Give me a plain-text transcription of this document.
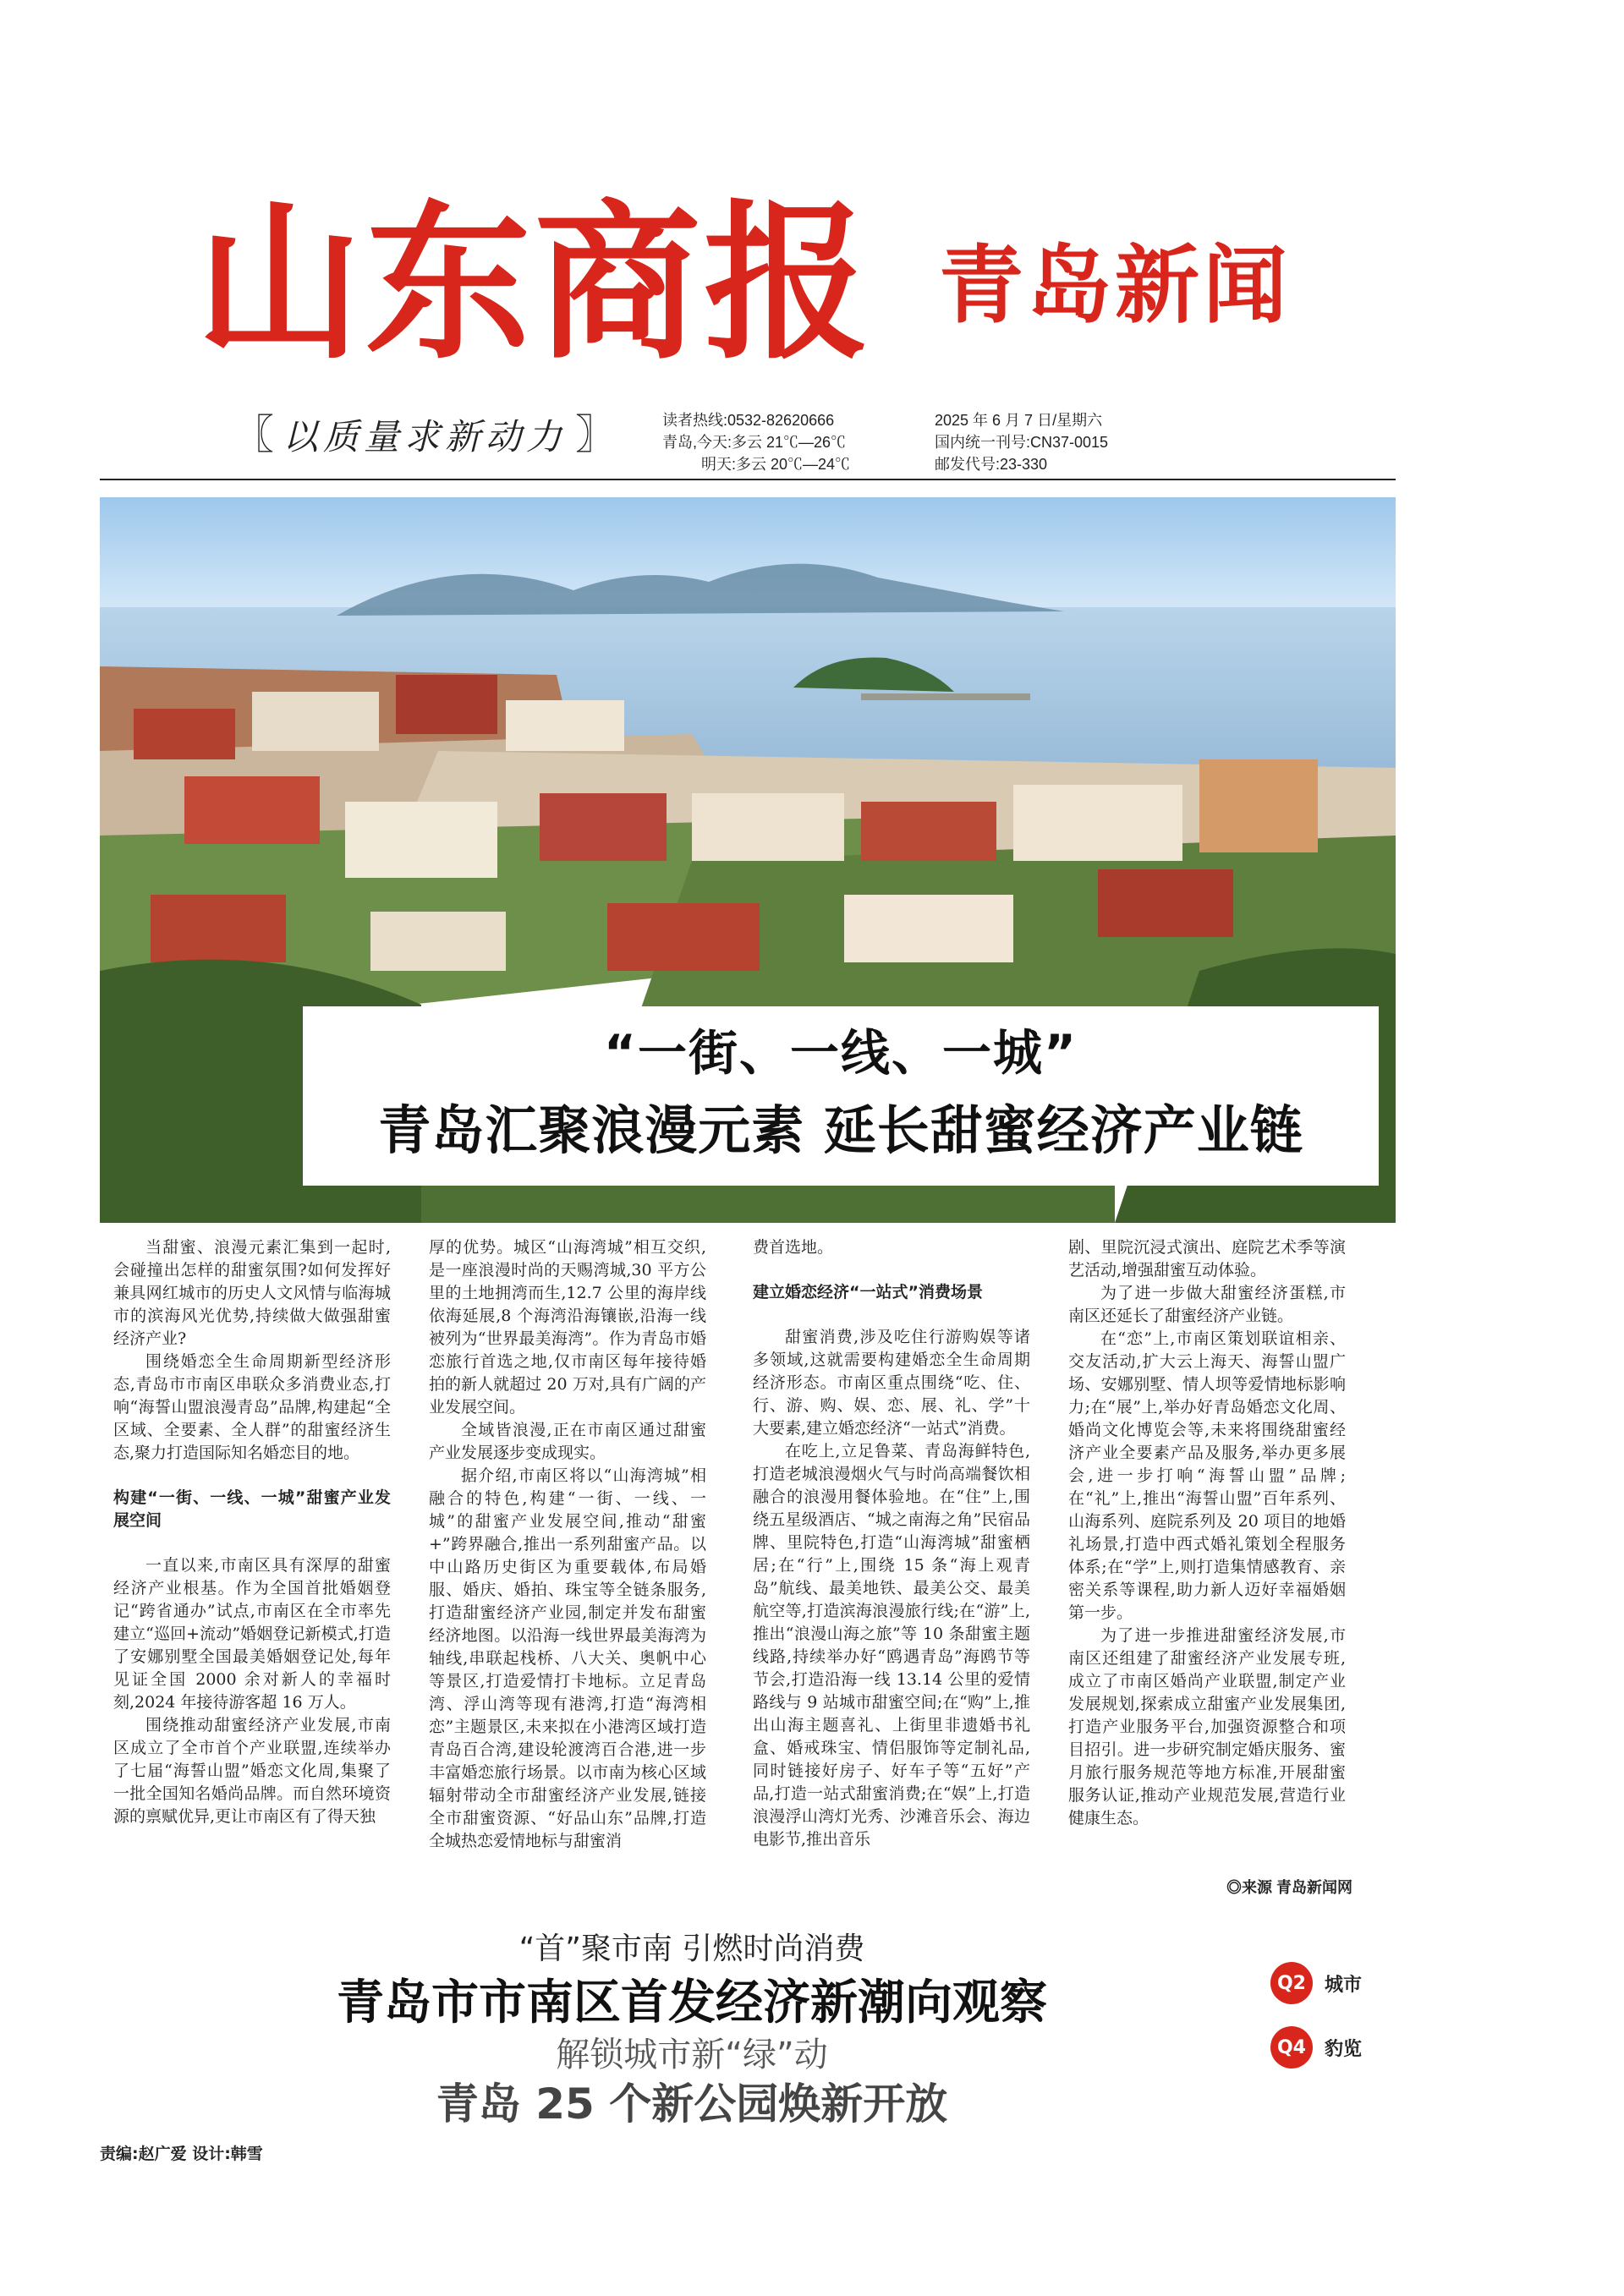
山东商报 青岛新闻
〖 以质量求新动力 〗	读者热线:0532-82620666
青岛,今天:多云 21℃—26℃
明天:多云 20℃—24℃
2025 年 6 月 7 日/星期六
国内统一刊号:CN37-0015
邮发代号:23-330
“一街、一线、一城”
青岛汇聚浪漫元素 延长甜蜜经济产业链

当甜蜜、浪漫元素汇集到一起时,会碰撞出怎样的甜蜜氛围?如何发挥好兼具网红城市的历史人文风情与临海城市的滨海风光优势,持续做大做强甜蜜经济产业?

围绕婚恋全生命周期新型经济形态,青岛市市南区串联众多消费业态,打响“海誓山盟浪漫青岛”品牌,构建起“全区域、全要素、全人群”的甜蜜经济生态,聚力打造国际知名婚恋目的地。

构建“一街、一线、一城”甜蜜产业发展空间

一直以来,市南区具有深厚的甜蜜经济产业根基。作为全国首批婚姻登记“跨省通办”试点,市南区在全市率先建立“巡回+流动”婚姻登记新模式,打造了安娜别墅全国最美婚姻登记处,每年见证全国 2000 余对新人的幸福时刻,2024 年接待游客超 16 万人。

围绕推动甜蜜经济产业发展,市南区成立了全市首个产业联盟,连续举办了七届“海誓山盟”婚恋文化周,集聚了一批全国知名婚尚品牌。而自然环境资源的禀赋优异,更让市南区有了得天独

厚的优势。城区“山海湾城”相互交织,是一座浪漫时尚的天赐湾城,30 平方公里的土地拥湾而生,12.7 公里的海岸线依海延展,8 个海湾沿海镶嵌,沿海一线被列为“世界最美海湾”。作为青岛市婚恋旅行首选之地,仅市南区每年接待婚拍的新人就超过 20 万对,具有广阔的产业发展空间。

全域皆浪漫,正在市南区通过甜蜜产业发展逐步变成现实。

据介绍,市南区将以“山海湾城”相融合的特色,构建“一街、一线、一城”的甜蜜产业发展空间,推动“甜蜜+”跨界融合,推出一系列甜蜜产品。以中山路历史街区为重要载体,布局婚服、婚庆、婚拍、珠宝等全链条服务,打造甜蜜经济产业园,制定并发布甜蜜经济地图。以沿海一线世界最美海湾为轴线,串联起栈桥、八大关、奥帆中心等景区,打造爱情打卡地标。立足青岛湾、浮山湾等现有港湾,打造“海湾相恋”主题景区,未来拟在小港湾区域打造青岛百合湾,建设轮渡湾百合港,进一步丰富婚恋旅行场景。以市南为核心区域辐射带动全市甜蜜经济产业发展,链接全市甜蜜资源、“好品山东”品牌,打造全城热恋爱情地标与甜蜜消

费首选地。

建立婚恋经济“一站式”消费场景

甜蜜消费,涉及吃住行游购娱等诸多领域,这就需要构建婚恋全生命周期经济形态。市南区重点围绕“吃、住、行、游、购、娱、恋、展、礼、学”十大要素,建立婚恋经济“一站式”消费。

在吃上,立足鲁菜、青岛海鲜特色,打造老城浪漫烟火气与时尚高端餐饮相融合的浪漫用餐体验地。在“住”上,围绕五星级酒店、“城之南海之角”民宿品牌、里院特色,打造“山海湾城”甜蜜栖居;在“行”上,围绕 15 条“海上观青岛”航线、最美地铁、最美公交、最美航空等,打造滨海浪漫旅行线;在“游”上,推出“浪漫山海之旅”等 10 条甜蜜主题线路,持续举办好“鸥遇青岛”海鸥节等节会,打造沿海一线 13.14 公里的爱情路线与 9 站城市甜蜜空间;在“购”上,推出山海主题喜礼、上街里非遗婚书礼盒、婚戒珠宝、情侣服饰等定制礼品,同时链接好房子、好车子等“五好”产品,打造一站式甜蜜消费;在“娱”上,打造浪漫浮山湾灯光秀、沙滩音乐会、海边电影节,推出音乐

剧、里院沉浸式演出、庭院艺术季等演艺活动,增强甜蜜互动体验。

为了进一步做大甜蜜经济蛋糕,市南区还延长了甜蜜经济产业链。

在“恋”上,市南区策划联谊相亲、交友活动,扩大云上海天、海誓山盟广场、安娜别墅、情人坝等爱情地标影响力;在“展”上,举办好青岛婚恋文化周、婚尚文化博览会等,未来将围绕甜蜜经济产业全要素产品及服务,举办更多展会,进一步打响“海誓山盟”品牌;在“礼”上,推出“海誓山盟”百年系列、山海系列、庭院系列及 20 项目的地婚礼场景,打造中西式婚礼策划全程服务体系;在“学”上,则打造集情感教育、亲密关系等课程,助力新人迈好幸福婚姻第一步。

为了进一步推进甜蜜经济发展,市南区还组建了甜蜜经济产业发展专班,成立了市南区婚尚产业联盟,制定产业发展规划,探索成立甜蜜产业发展集团,打造产业服务平台,加强资源整合和项目招引。进一步研究制定婚庆服务、蜜月旅行服务规范等地方标准,开展甜蜜服务认证,推动产业规范发展,营造行业健康生态。

◎来源 青岛新闻网
“首”聚市南 引燃时尚消费
青岛市市南区首发经济新潮向观察
解锁城市新“绿”动
青岛 25 个新公园焕新开放
Q2	城市
Q4	豹览
责编:赵广爱 设计:韩雪
